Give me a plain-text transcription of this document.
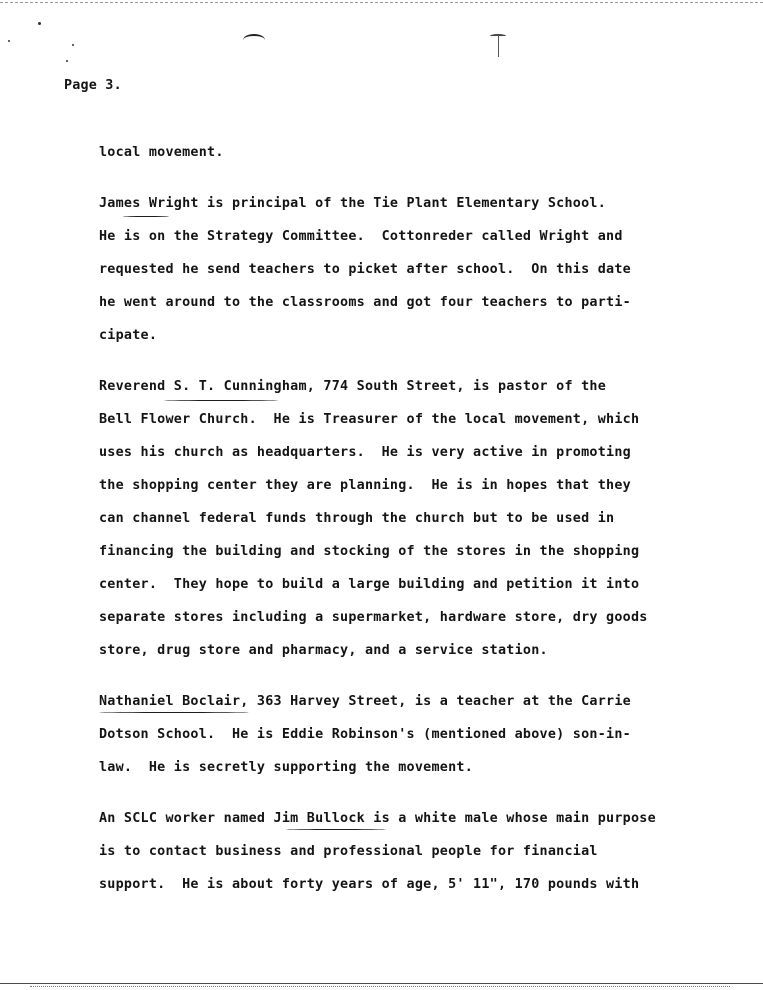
Page 3.
local movement.
James Wright is principal of the Tie Plant Elementary School.
He is on the Strategy Committee.  Cottonreder called Wright and
requested he send teachers to picket after school.  On this date
he went around to the classrooms and got four teachers to parti-
cipate.
Reverend S. T. Cunningham, 774 South Street, is pastor of the
Bell Flower Church.  He is Treasurer of the local movement, which
uses his church as headquarters.  He is very active in promoting
the shopping center they are planning.  He is in hopes that they
can channel federal funds through the church but to be used in
financing the building and stocking of the stores in the shopping
center.  They hope to build a large building and petition it into
separate stores including a supermarket, hardware store, dry goods
store, drug store and pharmacy, and a service station.
Nathaniel Boclair, 363 Harvey Street, is a teacher at the Carrie
Dotson School.  He is Eddie Robinson's (mentioned above) son-in-
law.  He is secretly supporting the movement.
An SCLC worker named Jim Bullock is a white male whose main purpose
is to contact business and professional people for financial
support.  He is about forty years of age, 5' 11", 170 pounds with
